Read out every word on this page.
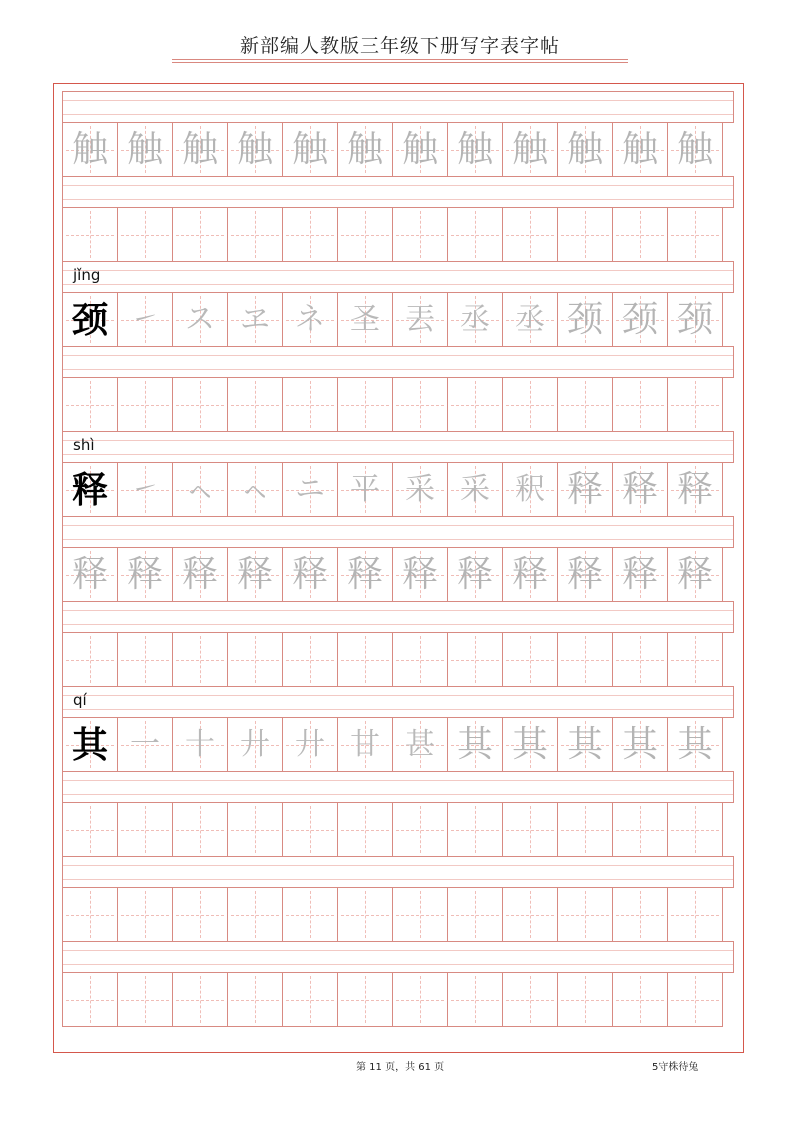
新部编人教版三年级下册写字表字帖
触 触 触 触 触 触 触 触 触 触 触 触
jǐng
颈 ㇀ ス ヱ ネ 圣 丟 丞 丞 颈 颈 颈
shì
释 ㇀ ㇸ ㇸ ニ 平 采 采 釈 释 释 释
释 释 释 释 释 释 释 释 释 释 释 释
qí
其 一 十 廾 廾 甘 甚 其 其 其 其 其
第 11 页，共 61 页	5守株待兔
